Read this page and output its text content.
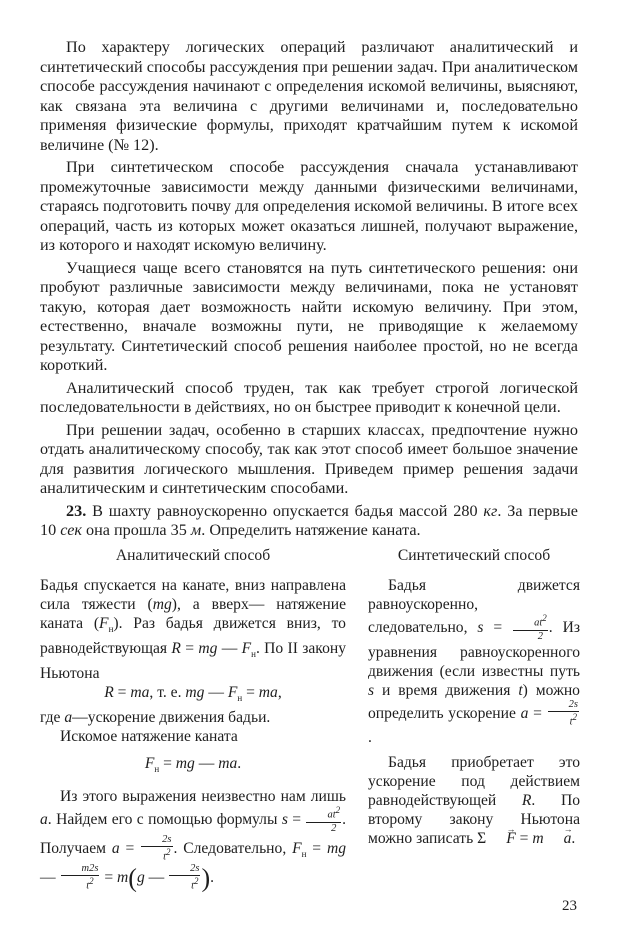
По характеру логических операций различают аналитический и синтетический способы рассуждения при решении задач. При аналитическом способе рассуждения начинают с определения искомой величины, выясняют, как связана эта величина с другими величинами и, последовательно применяя физические формулы, приходят кратчайшим путем к искомой величине (№ 12).

При синтетическом способе рассуждения сначала устанавливают промежуточные зависимости между данными физическими величинами, стараясь подготовить почву для определения искомой величины. В итоге всех операций, часть из которых может оказаться лишней, получают выражение, из которого и находят искомую величину.

Учащиеся чаще всего становятся на путь синтетического решения: они пробуют различные зависимости между величинами, пока не установят такую, которая дает возможность найти искомую величину. При этом, естественно, вначале возможны пути, не приводящие к желаемому результату. Синтетический способ решения наиболее простой, но не всегда короткий.

Аналитический способ труден, так как требует строгой логической последовательности в действиях, но он быстрее приводит к конечной цели.

При решении задач, особенно в старших классах, предпочтение нужно отдать аналитическому способу, так как этот способ имеет большое значение для развития логического мышления. Приведем пример решения задачи аналитическим и синтетическим способами.

23. В шахту равноускоренно опускается бадья массой 280 кг. За первые 10 сек она прошла 35 м. Определить натяжение каната.

Аналитический способ

Бадья спускается на канате, вниз направлена сила тяжести (mg), а вверх— натяжение каната $(F_н)$. Раз бадья движется вниз, то равнодействующая R = mg — $F_н$. По II закону Ньютона

R = ma, т. е. mg — $F_н$ = ma,

где a—ускорение движения бадьи.

Искомое натяжение каната

$F_н$ = mg — ma.

Из этого выражения неизвестно нам лишь a. Найдем его с помощью формулы $s = \frac{at^2}{2}$ . Получаем $a = \frac{2s}{t^2}$ . Следовательно, $F_н$ = mg — $\frac{m2s}{t^2} = m(g$ — $\frac{2s}{t^2}$ ).

Синтетический способ

Бадья движется равноускоренно, следовательно, $s = \frac{at^2}{2}$ . Из уравнения равноускоренного движения (если известны путь s и время движения t) можно определить ускорение $a = \frac{2s}{t^2}$
.

Бадья приобретает это ускорение под действием равнодействующей R. По второму закону Ньютона можно записать Σ → F = m → a.

23
